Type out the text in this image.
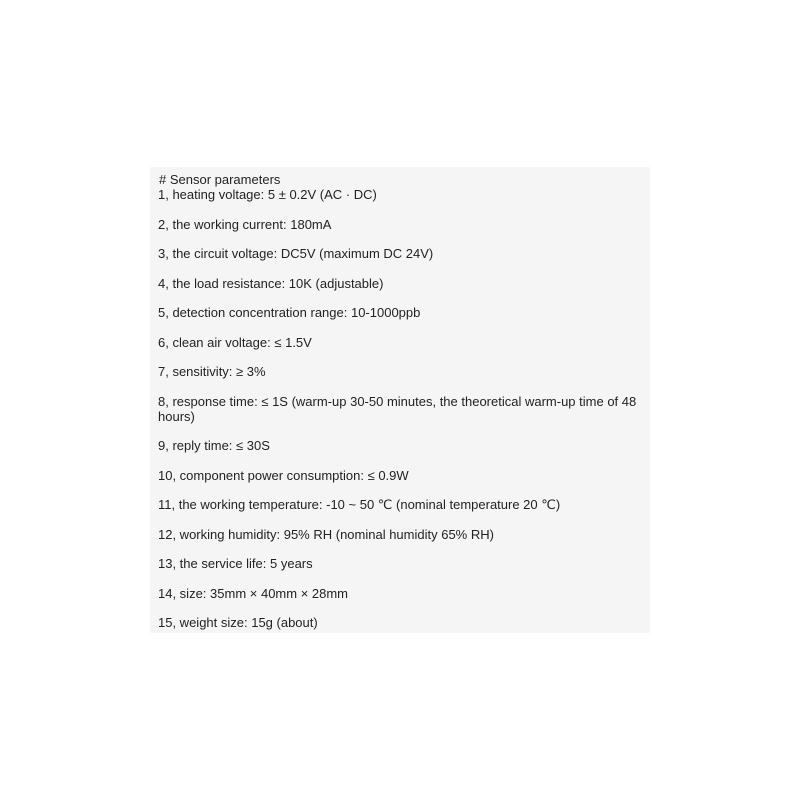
# Sensor parameters

1, heating voltage: 5 ± 0.2V (AC · DC)

2, the working current: 180mA

3, the circuit voltage: DC5V (maximum DC 24V)

4, the load resistance: 10K (adjustable)

5, detection concentration range: 10-1000ppb

6, clean air voltage: ≤ 1.5V

7, sensitivity: ≥ 3%

8, response time: ≤ 1S (warm-up 30-50 minutes, the theoretical warm-up time of 48 hours)

9, reply time: ≤ 30S

10, component power consumption: ≤ 0.9W

11, the working temperature: -10 ~ 50 ℃ (nominal temperature 20 ℃)

12, working humidity: 95% RH (nominal humidity 65% RH)

13, the service life: 5 years

14, size: 35mm × 40mm × 28mm

15, weight size: 15g (about)
